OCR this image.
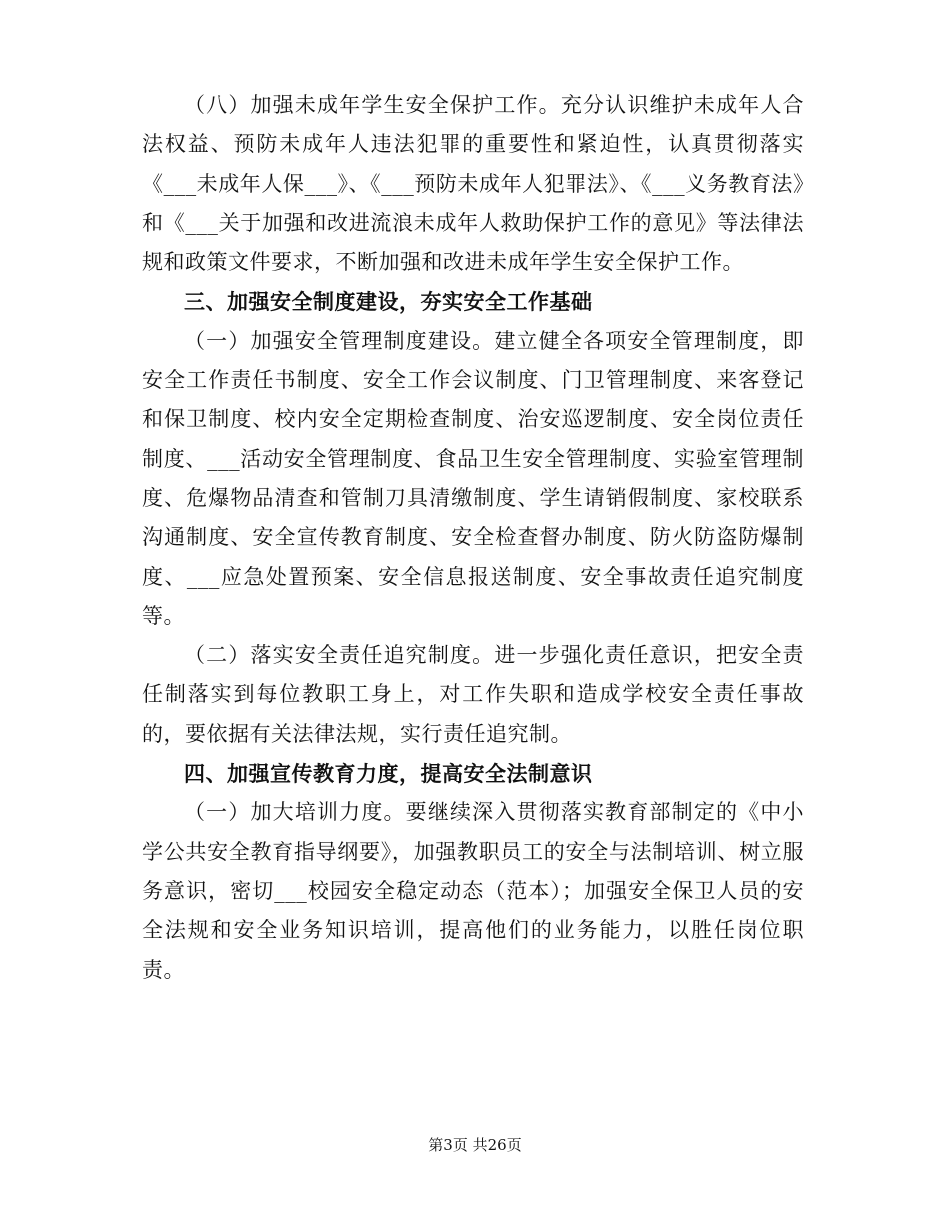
（八）加强未成年学生安全保护工作。充分认识维护未成年人合法权益、预防未成年人违法犯罪的重要性和紧迫性，认真贯彻落实《___未成年人保___》、《___预防未成年人犯罪法》、《___义务教育法》和《___关于加强和改进流浪未成年人救助保护工作的意见》等法律法规和政策文件要求，不断加强和改进未成年学生安全保护工作。

三、加强安全制度建设，夯实安全工作基础

（一）加强安全管理制度建设。建立健全各项安全管理制度，即安全工作责任书制度、安全工作会议制度、门卫管理制度、来客登记和保卫制度、校内安全定期检查制度、治安巡逻制度、安全岗位责任制度、___活动安全管理制度、食品卫生安全管理制度、实验室管理制度、危爆物品清查和管制刀具清缴制度、学生请销假制度、家校联系沟通制度、安全宣传教育制度、安全检查督办制度、防火防盗防爆制度、___应急处置预案、安全信息报送制度、安全事故责任追究制度等。

（二）落实安全责任追究制度。进一步强化责任意识，把安全责任制落实到每位教职工身上，对工作失职和造成学校安全责任事故的，要依据有关法律法规，实行责任追究制。

四、加强宣传教育力度，提高安全法制意识

（一）加大培训力度。要继续深入贯彻落实教育部制定的《中小学公共安全教育指导纲要》，加强教职员工的安全与法制培训、树立服务意识，密切___校园安全稳定动态（范本）；加强安全保卫人员的安全法规和安全业务知识培训，提高他们的业务能力，以胜任岗位职责。

第3页 共26页
